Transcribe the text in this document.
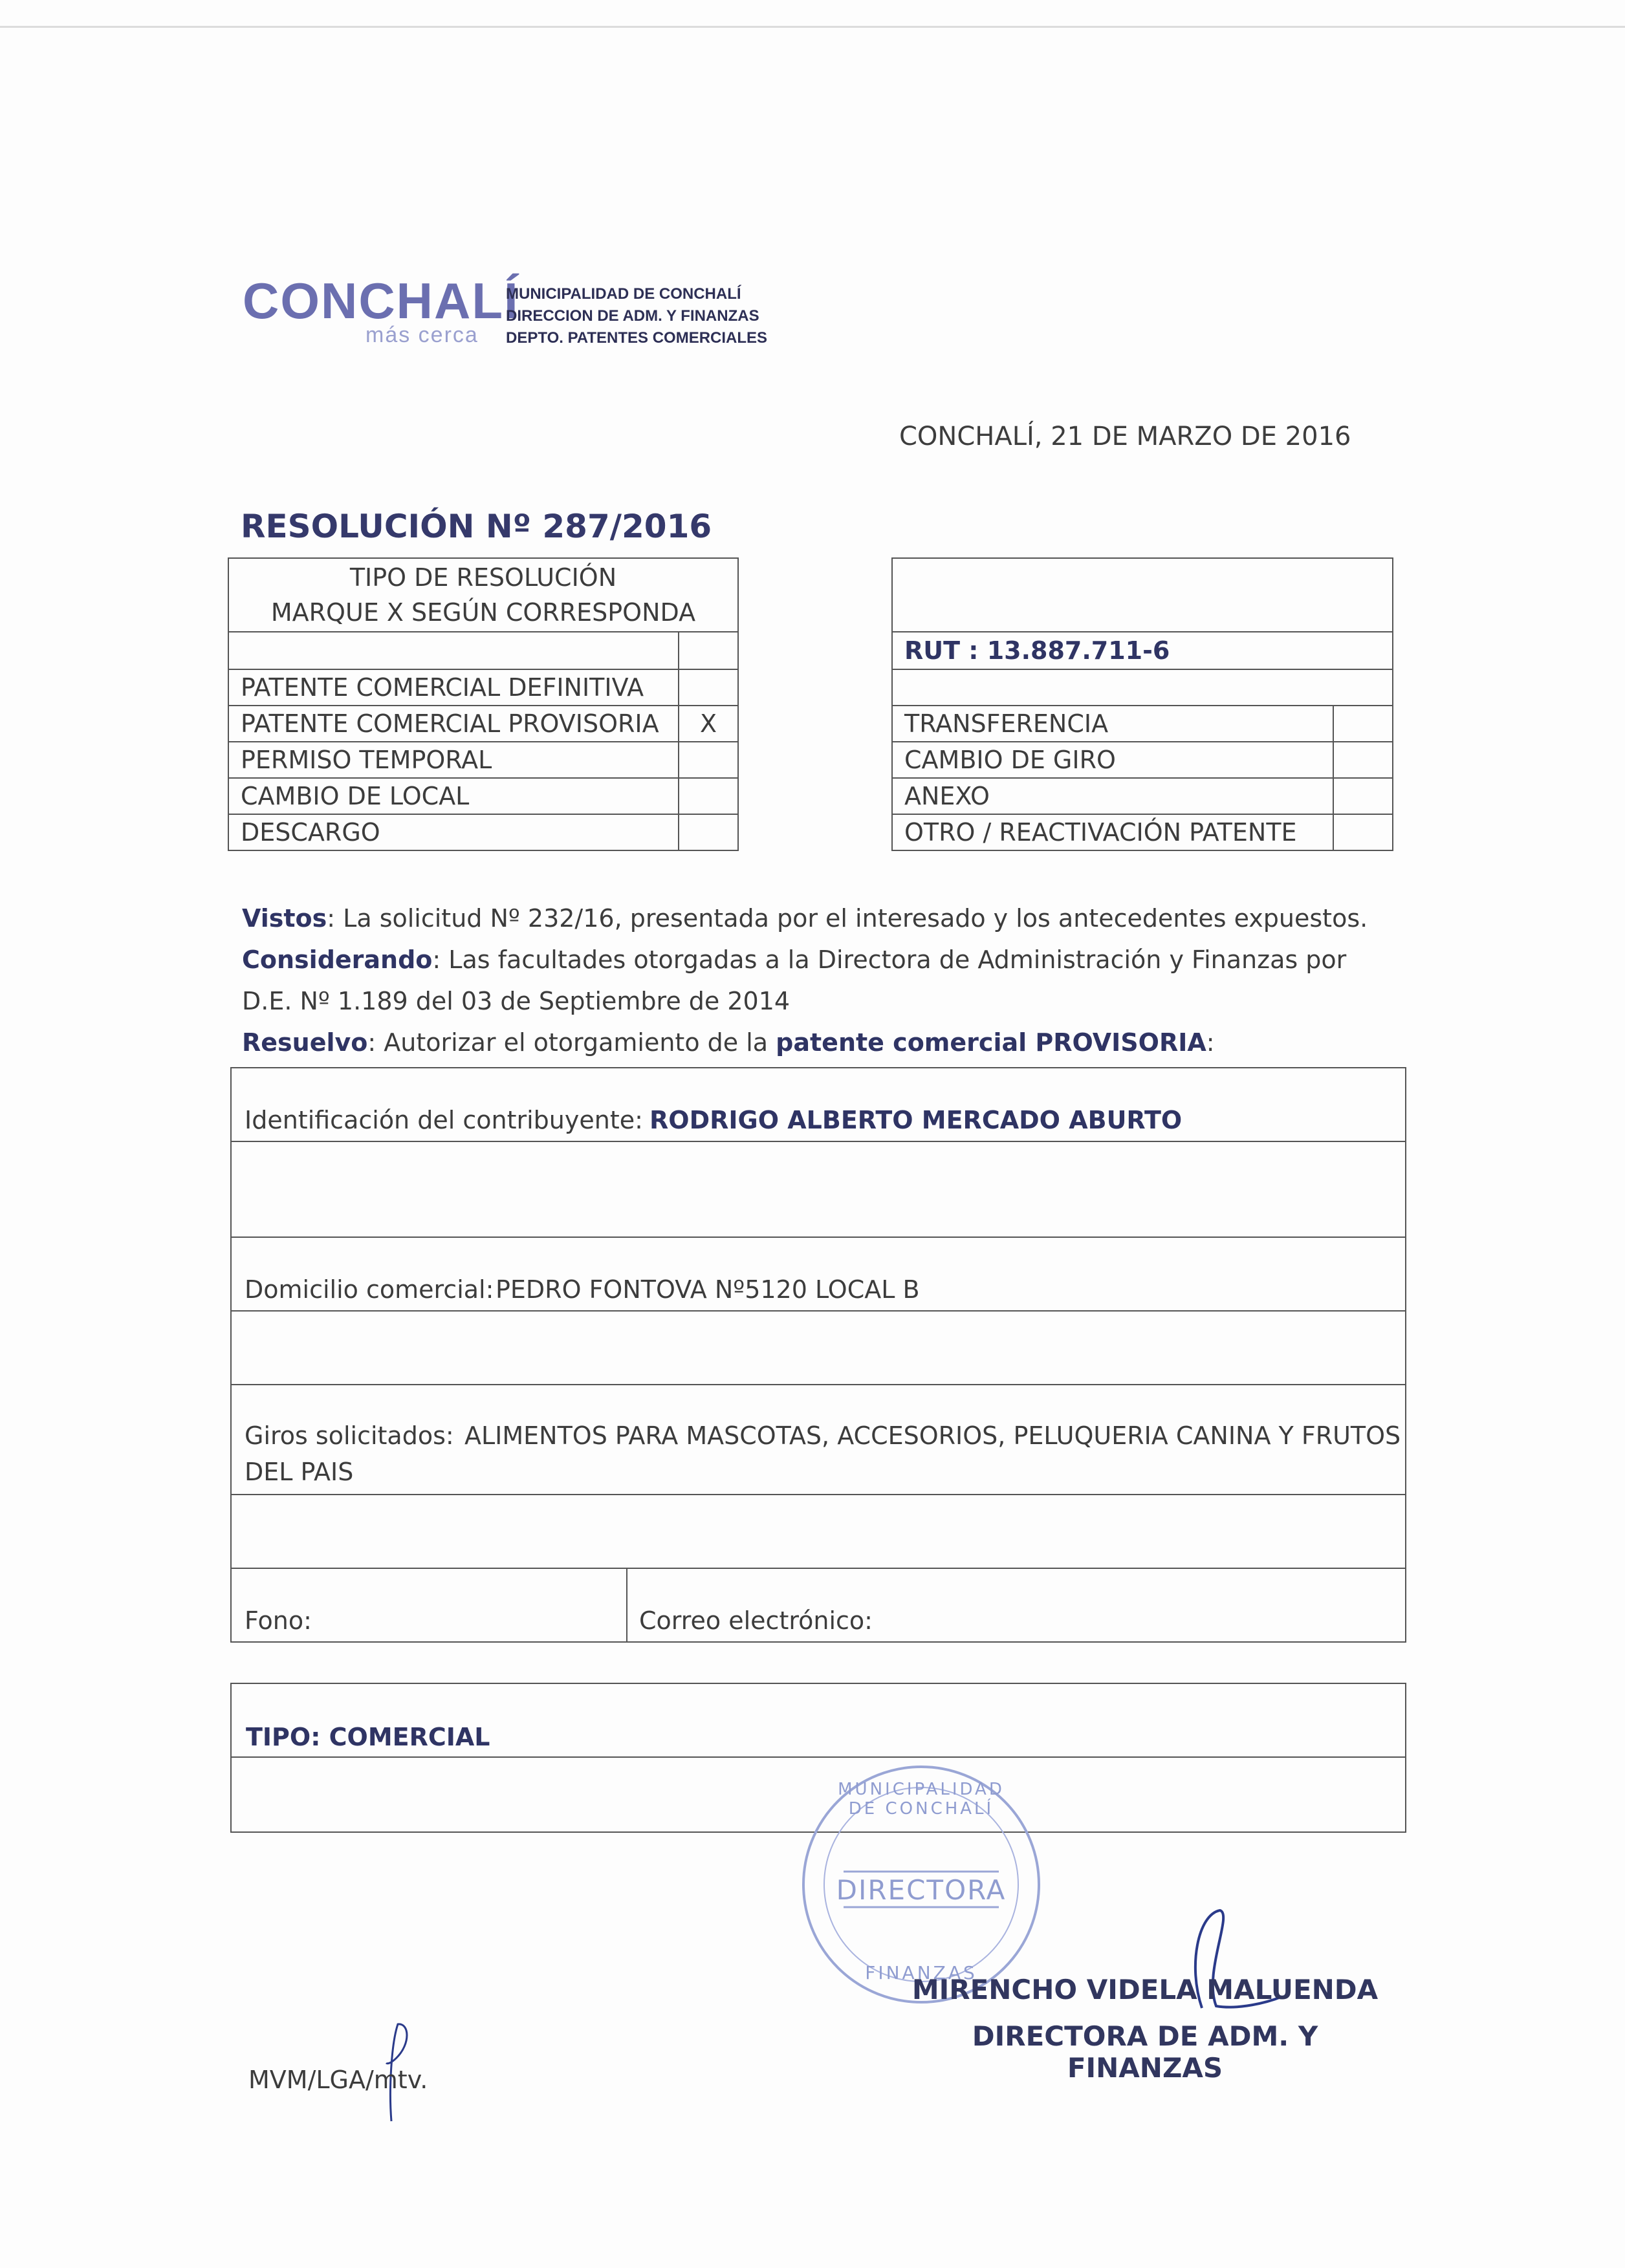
CONCHALÍ
más cerca
MUNICIPALIDAD DE CONCHALÍ
DIRECCION DE ADM. Y FINANZAS
DEPTO. PATENTES COMERCIALES
CONCHALÍ, 21 DE MARZO DE 2016
RESOLUCIÓN Nº 287/2016
TIPO DE RESOLUCIÓN
MARQUE X SEGÚN CORRESPONDA	

PATENTE COMERCIAL DEFINITIVA	
PATENTE COMERCIAL PROVISORIA	X
PERMISO TEMPORAL	
CAMBIO DE LOCAL	
DESCARGO	

RUT : 13.887.711-6	

TRANSFERENCIA	
CAMBIO DE GIRO	
ANEXO	
OTRO / REACTIVACIÓN PATENTE	
Vistos: La solicitud Nº 232/16, presentada por el interesado y los antecedentes expuestos.
Considerando: Las facultades otorgadas a la Directora de Administración y Finanzas por
D.E. Nº 1.189 del 03 de Septiembre de 2014
Resuelvo: Autorizar el otorgamiento de la patente comercial PROVISORIA:
Identificación del contribuyente: RODRIGO ALBERTO MERCADO ABURTO
Domicilio comercial: PEDRO FONTOVA Nº5120 LOCAL B
Giros solicitados: ALIMENTOS PARA MASCOTAS, ACCESORIOS, PELUQUERIA CANINA Y FRUTOS
DEL PAIS
Fono:	Correo electrónico:
TIPO: COMERCIAL
MUNICIPALIDAD DE CONCHALÍ
DIRECTORA
FINANZAS
MIRENCHO VIDELA MALUENDA
DIRECTORA DE ADM. Y FINANZAS
MVM/LGA/mtv.
